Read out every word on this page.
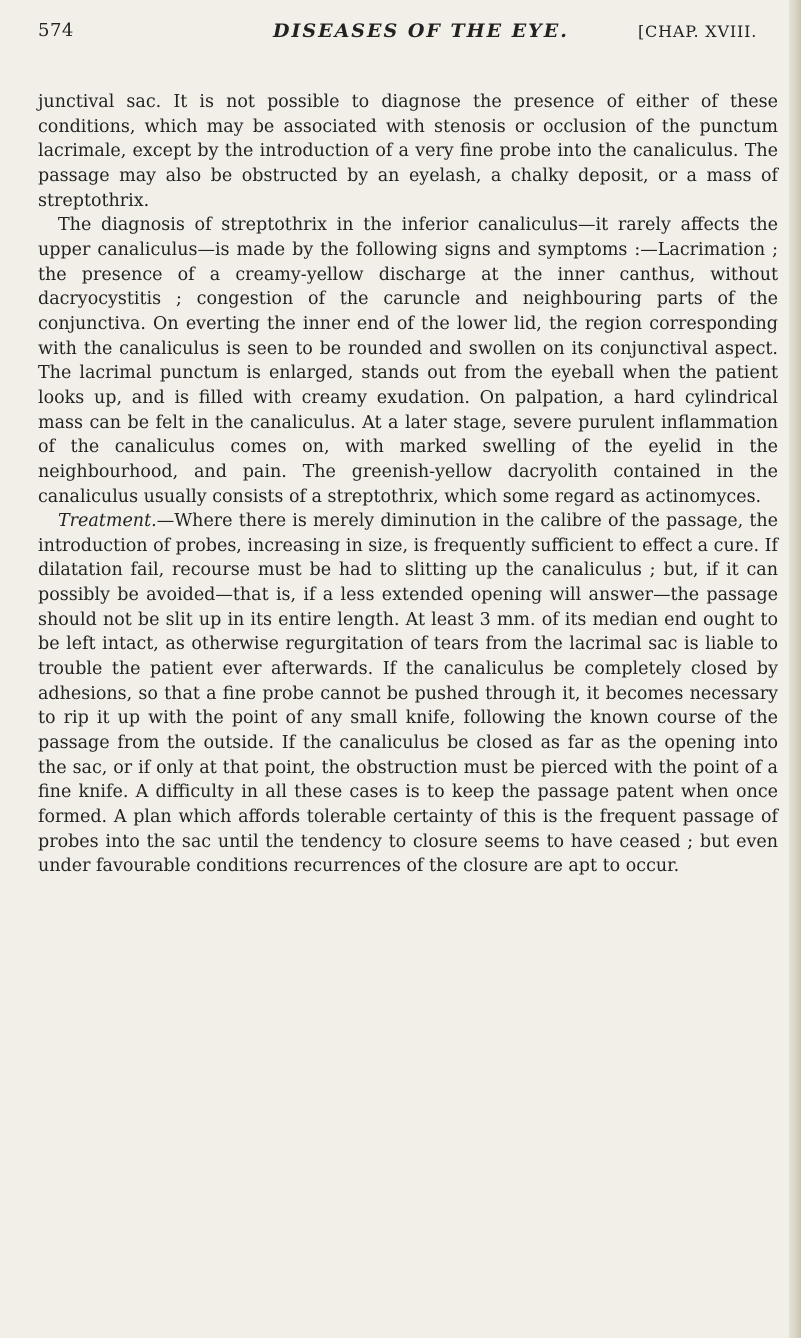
574	DISEASES OF THE EYE.	[CHAP. XVIII.

junctival sac. It is not possible to diagnose the presence of either of these conditions, which may be associated with stenosis or occlusion of the punctum lacrimale, except by the introduction of a very fine probe into the canaliculus. The passage may also be obstructed by an eyelash, a chalky deposit, or a mass of streptothrix.

The diagnosis of streptothrix in the inferior canaliculus—it rarely affects the upper canaliculus—is made by the following signs and symptoms :—Lacrimation ; the presence of a creamy-yellow discharge at the inner canthus, without dacryocystitis ; congestion of the caruncle and neighbouring parts of the conjunctiva. On everting the inner end of the lower lid, the region corresponding with the canaliculus is seen to be rounded and swollen on its conjunctival aspect. The lacrimal punctum is enlarged, stands out from the eyeball when the patient looks up, and is filled with creamy exudation. On palpation, a hard cylindrical mass can be felt in the canaliculus. At a later stage, severe purulent inflammation of the canaliculus comes on, with marked swelling of the eyelid in the neighbourhood, and pain. The greenish-yellow dacryolith contained in the canaliculus usually consists of a streptothrix, which some regard as actinomyces.

Treatment.—Where there is merely diminution in the calibre of the passage, the introduction of probes, increasing in size, is frequently sufficient to effect a cure. If dilatation fail, recourse must be had to slitting up the canaliculus ; but, if it can possibly be avoided—that is, if a less extended opening will answer—the passage should not be slit up in its entire length. At least 3 mm. of its median end ought to be left intact, as otherwise regurgitation of tears from the lacrimal sac is liable to trouble the patient ever afterwards. If the canaliculus be completely closed by adhesions, so that a fine probe cannot be pushed through it, it becomes necessary to rip it up with the point of any small knife, following the known course of the passage from the outside. If the canaliculus be closed as far as the opening into the sac, or if only at that point, the obstruction must be pierced with the point of a fine knife. A difficulty in all these cases is to keep the passage patent when once formed. A plan which affords tolerable certainty of this is the frequent passage of probes into the sac until the tendency to closure seems to have ceased ; but even under favourable conditions recurrences of the closure are apt to occur.
